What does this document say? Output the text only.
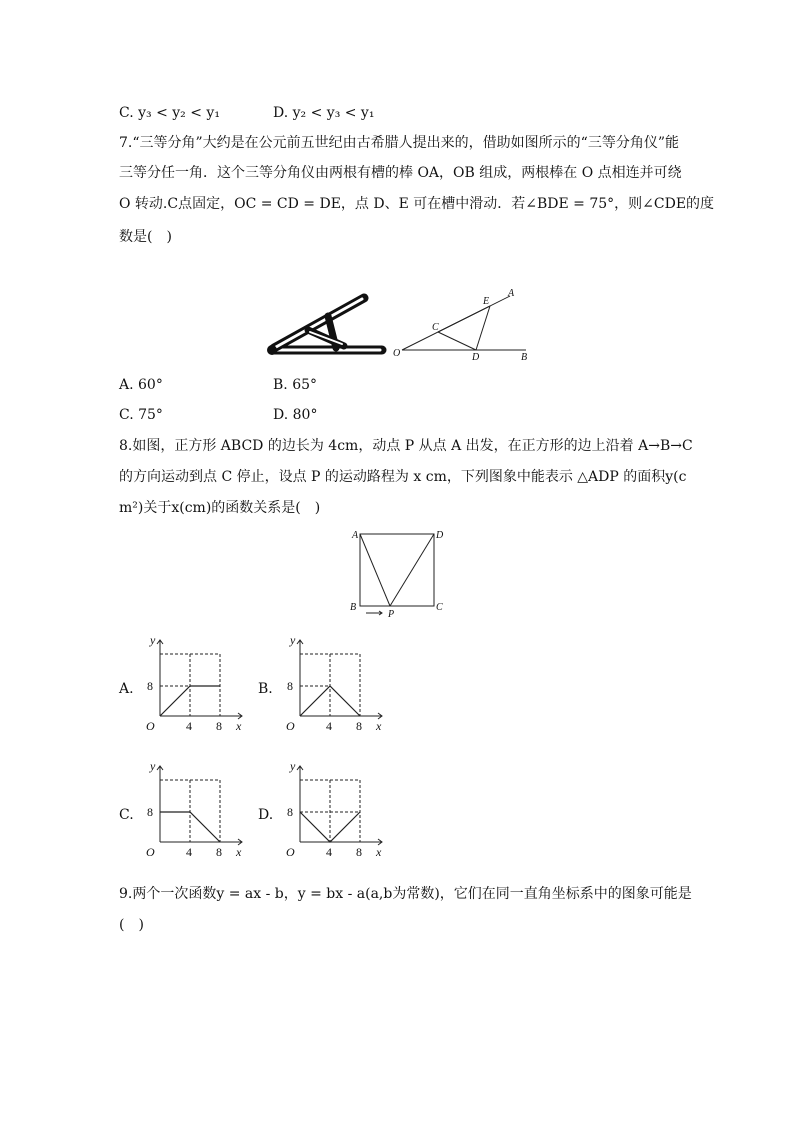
C. y₃ < y₂ < y₁	D. y₂ < y₃ < y₁
7.“三等分角”大约是在公元前五世纪由古希腊人提出来的，借助如图所示的“三等分角仪”能
三等分任一角．这个三等分角仪由两根有槽的棒 OA，OB 组成，两根棒在 O 点相连并可绕
O 转动.C点固定，OC = CD = DE，点 D、E 可在槽中滑动．若∠BDE = 75°，则∠CDE的度
数是(　)
A
E
C
O	D	B
A. 60°	B. 65°
C. 75°	D. 80°
8.如图，正方形 ABCD 的边长为 4cm，动点 P 从点 A 出发，在正方形的边上沿着 A→B→C
的方向运动到点 C 停止，设点 P 的运动路程为 x cm，下列图象中能表示 △ADP 的面积y(c
m²)关于x(cm)的函数关系是(　)
A	D
B
P
C
A.	B.
C.	D.
y
8
O	4 8 x
y
8
O	4 8 x
y
8
O	4 8 x
y
8
O	4 8 x
9.两个一次函数y = ax - b，y = bx - a(a,b为常数)，它们在同一直角坐标系中的图象可能是
(　)
